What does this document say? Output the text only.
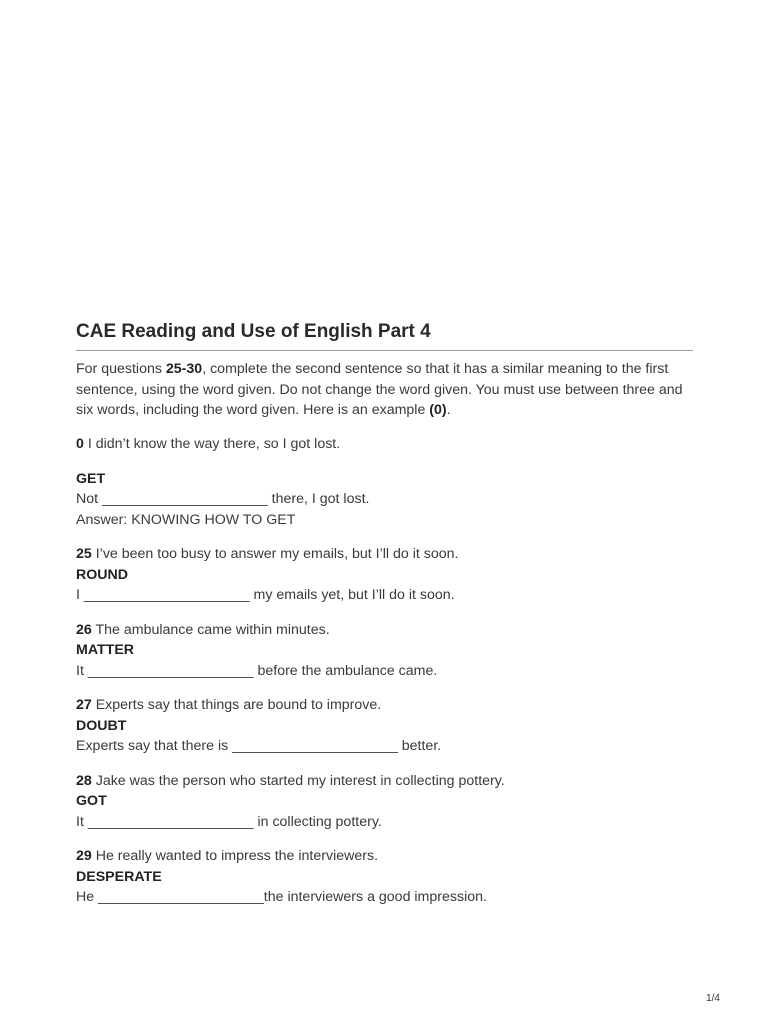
CAE Reading and Use of English Part 4
For questions 25-30, complete the second sentence so that it has a similar meaning to the first sentence, using the word given. Do not change the word given. You must use between three and six words, including the word given. Here is an example (0).
0 I didn’t know the way there, so I got lost.
GET
Not _____________________ there, I got lost.
Answer: KNOWING HOW TO GET
25 I’ve been too busy to answer my emails, but I’ll do it soon.
ROUND
I _____________________ my emails yet, but I’ll do it soon.
26 The ambulance came within minutes.
MATTER
It _____________________ before the ambulance came.
27 Experts say that things are bound to improve.
DOUBT
Experts say that there is _____________________ better.
28 Jake was the person who started my interest in collecting pottery.
GOT
It _____________________ in collecting pottery.
29 He really wanted to impress the interviewers.
DESPERATE
He _____________________the interviewers a good impression.
1/4
